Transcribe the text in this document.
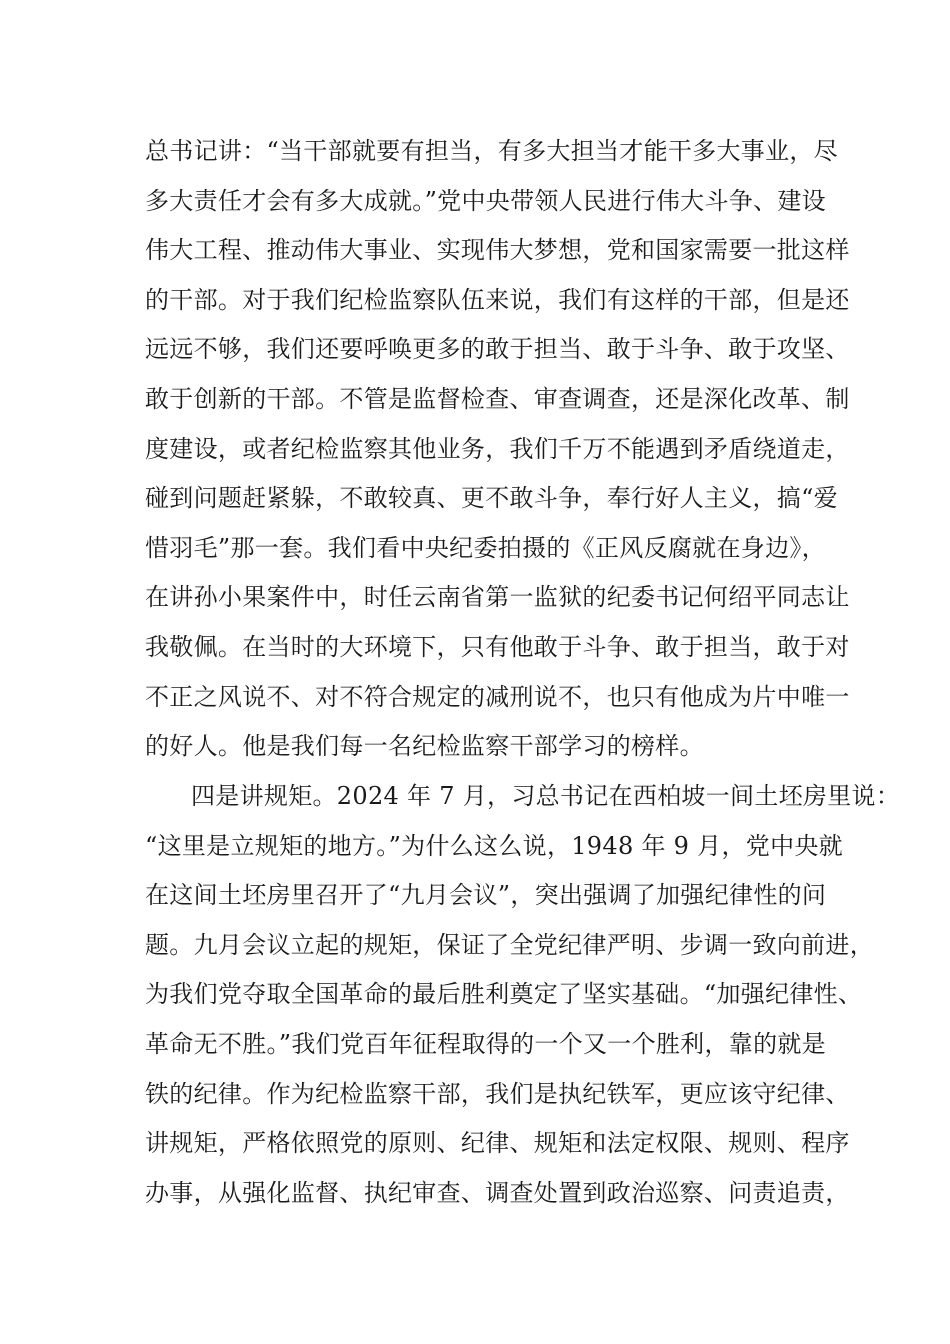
总书记讲：“当干部就要有担当，有多大担当才能干多大事业，尽
多大责任才会有多大成就。”党中央带领人民进行伟大斗争、建设
伟大工程、推动伟大事业、实现伟大梦想，党和国家需要一批这样
的干部。对于我们纪检监察队伍来说，我们有这样的干部，但是还
远远不够，我们还要呼唤更多的敢于担当、敢于斗争、敢于攻坚、
敢于创新的干部。不管是监督检查、审查调查，还是深化改革、制
度建设，或者纪检监察其他业务，我们千万不能遇到矛盾绕道走，
碰到问题赶紧躲，不敢较真、更不敢斗争，奉行好人主义，搞“爱
惜羽毛”那一套。我们看中央纪委拍摄的《正风反腐就在身边》，
在讲孙小果案件中，时任云南省第一监狱的纪委书记何绍平同志让
我敬佩。在当时的大环境下，只有他敢于斗争、敢于担当，敢于对
不正之风说不、对不符合规定的减刑说不，也只有他成为片中唯一
的好人。他是我们每一名纪检监察干部学习的榜样。
四是讲规矩。2024 年 7 月，习总书记在西柏坡一间土坯房里说：
“这里是立规矩的地方。”为什么这么说，1948 年 9 月，党中央就
在这间土坯房里召开了“九月会议”，突出强调了加强纪律性的问
题。九月会议立起的规矩，保证了全党纪律严明、步调一致向前进，
为我们党夺取全国革命的最后胜利奠定了坚实基础。“加强纪律性、
革命无不胜。”我们党百年征程取得的一个又一个胜利，靠的就是
铁的纪律。作为纪检监察干部，我们是执纪铁军，更应该守纪律、
讲规矩，严格依照党的原则、纪律、规矩和法定权限、规则、程序
办事，从强化监督、执纪审查、调查处置到政治巡察、问责追责，
